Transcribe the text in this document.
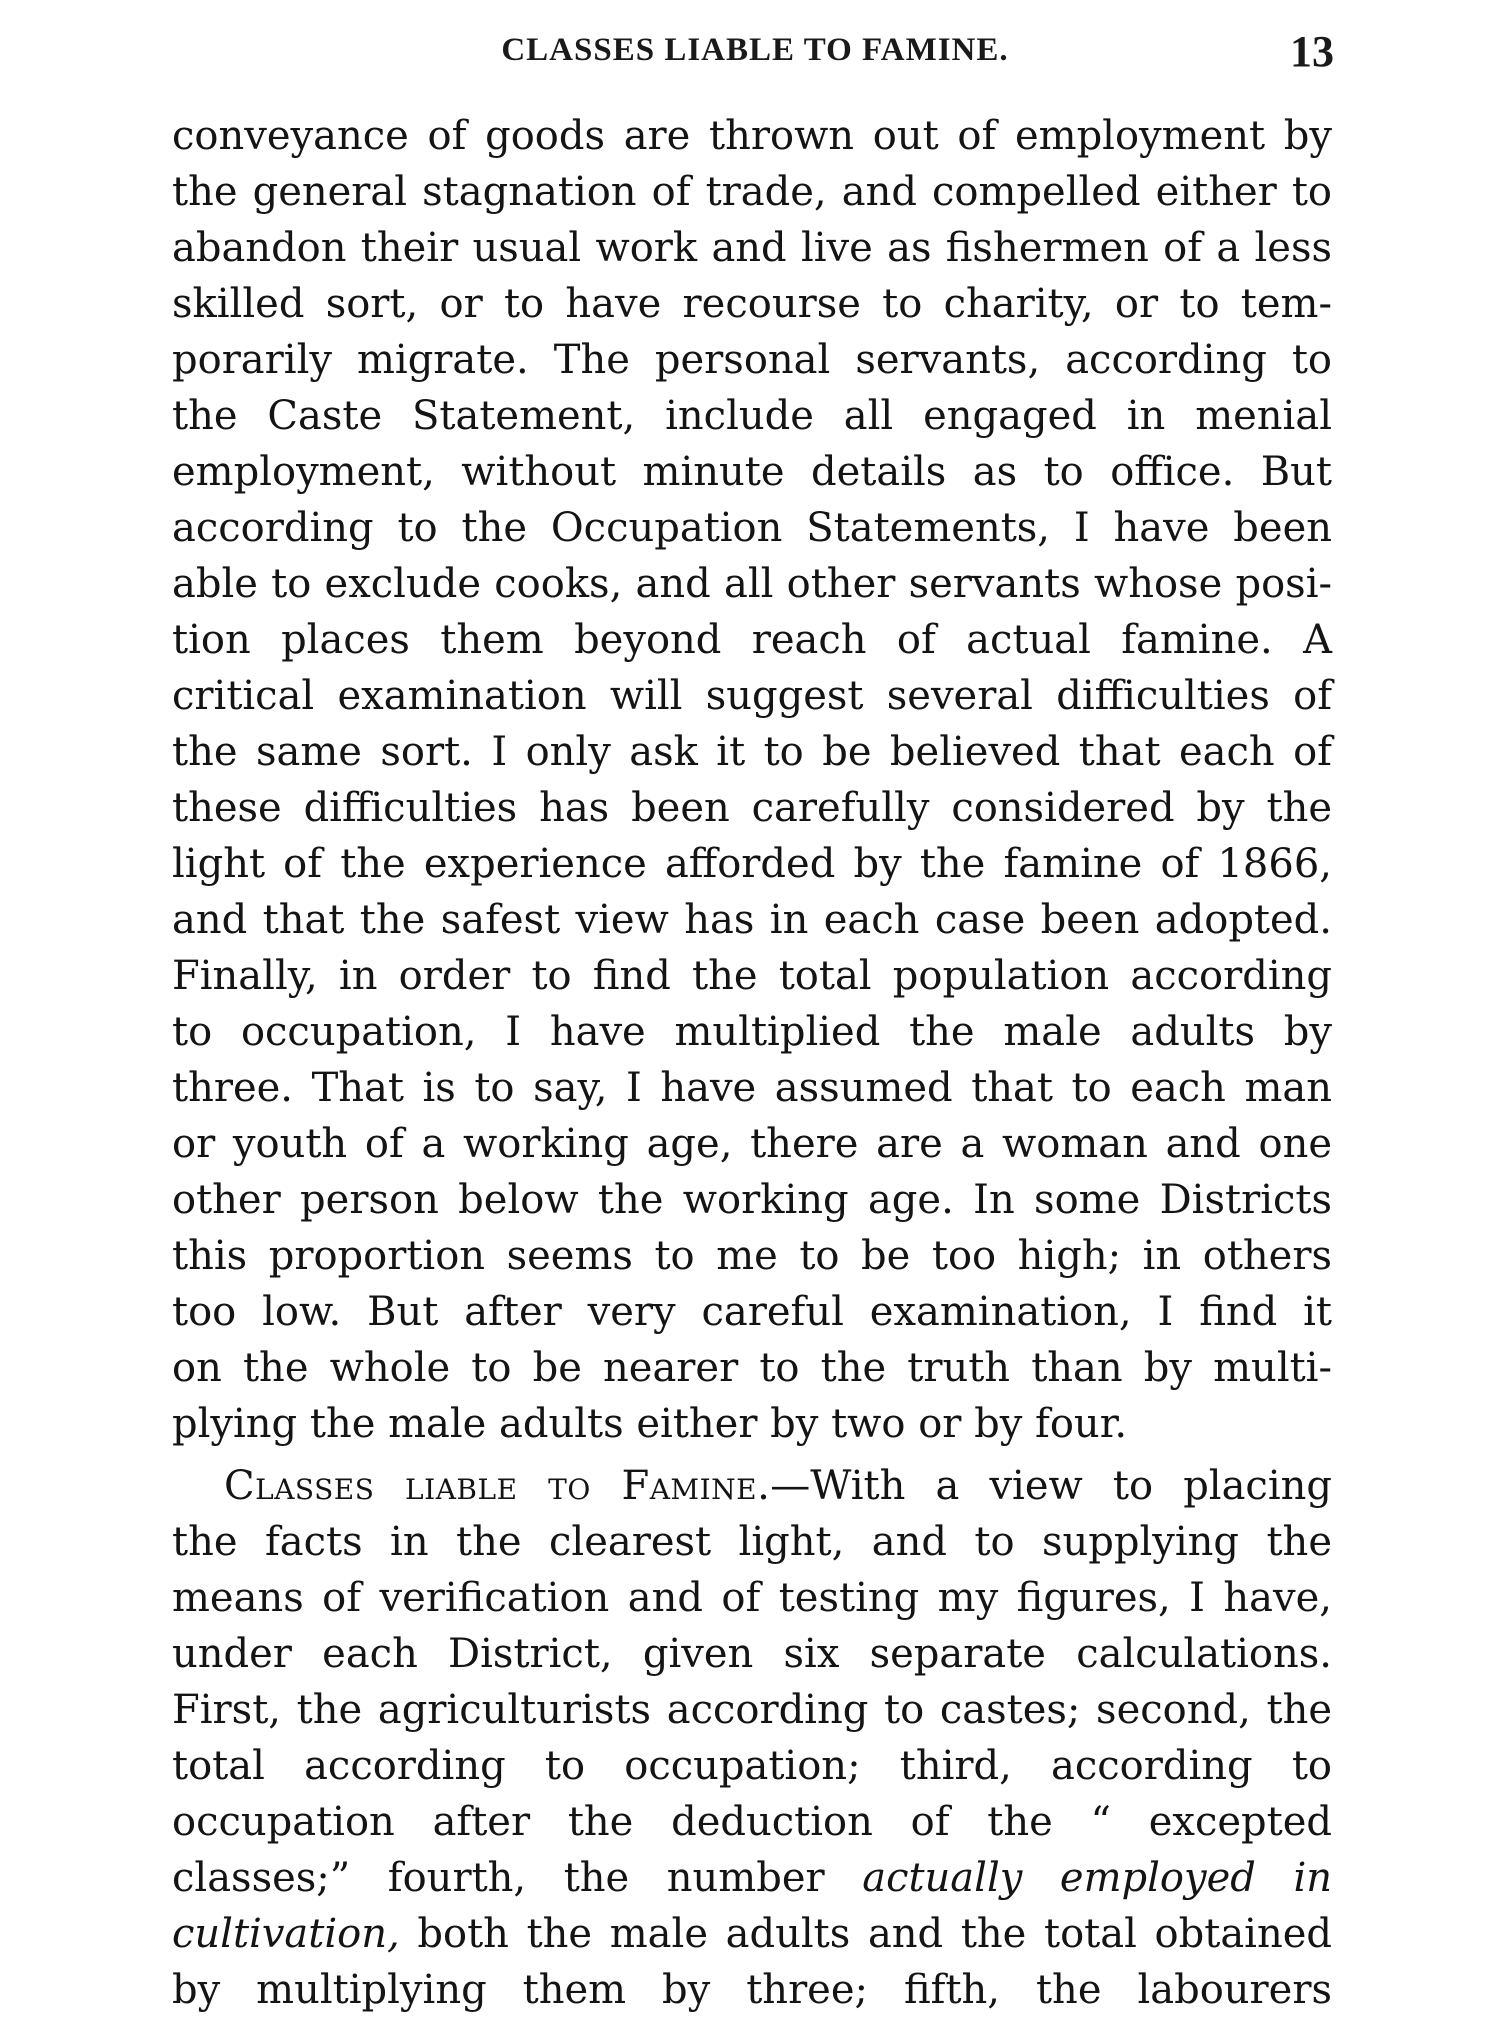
CLASSES LIABLE TO FAMINE.	13
conveyance of goods are thrown out of employment by
the general stagnation of trade, and compelled either to
abandon their usual work and live as fishermen of a less
skilled sort, or to have recourse to charity, or to tem-
porarily migrate. The personal servants, according to
the Caste Statement, include all engaged in menial
employment, without minute details as to office. But
according to the Occupation Statements, I have been
able to exclude cooks, and all other servants whose posi-
tion places them beyond reach of actual famine. A
critical examination will suggest several difficulties of
the same sort. I only ask it to be believed that each of
these difficulties has been carefully considered by the
light of the experience afforded by the famine of 1866,
and that the safest view has in each case been adopted.
Finally, in order to find the total population according
to occupation, I have multiplied the male adults by
three. That is to say, I have assumed that to each man
or youth of a working age, there are a woman and one
other person below the working age. In some Districts
this proportion seems to me to be too high; in others
too low. But after very careful examination, I find it
on the whole to be nearer to the truth than by multi-
plying the male adults either by two or by four.
Classes liable to Famine.—With a view to placing
the facts in the clearest light, and to supplying the
means of verification and of testing my figures, I have,
under each District, given six separate calculations.
First, the agriculturists according to castes; second, the
total according to occupation; third, according to
occupation after the deduction of the “ excepted
classes;” fourth, the number actually employed in
cultivation, both the male adults and the total obtained
by multiplying them by three; fifth, the labourers
